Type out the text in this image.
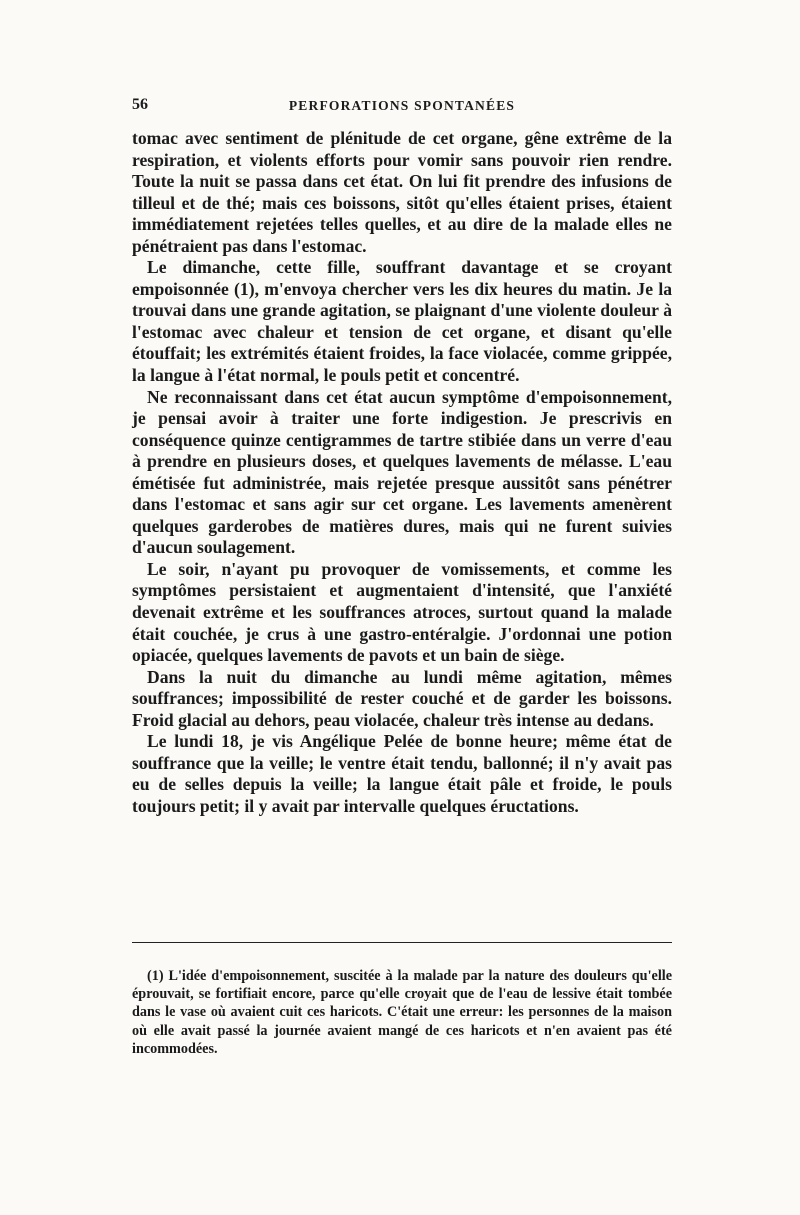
56	PERFORATIONS SPONTANÉES

tomac avec sentiment de plénitude de cet organe, gêne extrême de la respiration, et violents efforts pour vomir sans pouvoir rien rendre. Toute la nuit se passa dans cet état. On lui fit prendre des infusions de tilleul et de thé; mais ces boissons, sitôt qu'elles étaient prises, étaient immédiatement rejetées telles quelles, et au dire de la malade elles ne pénétraient pas dans l'estomac.

Le dimanche, cette fille, souffrant davantage et se croyant empoisonnée (1), m'envoya chercher vers les dix heures du matin. Je la trouvai dans une grande agitation, se plaignant d'une violente douleur à l'estomac avec chaleur et tension de cet organe, et disant qu'elle étouffait; les extrémités étaient froides, la face violacée, comme grippée, la langue à l'état normal, le pouls petit et concentré.

Ne reconnaissant dans cet état aucun symptôme d'empoisonnement, je pensai avoir à traiter une forte indigestion. Je prescrivis en conséquence quinze centigrammes de tartre stibiée dans un verre d'eau à prendre en plusieurs doses, et quelques lavements de mélasse. L'eau émétisée fut administrée, mais rejetée presque aussitôt sans pénétrer dans l'estomac et sans agir sur cet organe. Les lavements amenèrent quelques garderobes de matières dures, mais qui ne furent suivies d'aucun soulagement.

Le soir, n'ayant pu provoquer de vomissements, et comme les symptômes persistaient et augmentaient d'intensité, que l'anxiété devenait extrême et les souffrances atroces, surtout quand la malade était couchée, je crus à une gastro-entéralgie. J'ordonnai une potion opiacée, quelques lavements de pavots et un bain de siège.

Dans la nuit du dimanche au lundi même agitation, mêmes souffrances; impossibilité de rester couché et de garder les boissons. Froid glacial au dehors, peau violacée, chaleur très intense au dedans.

Le lundi 18, je vis Angélique Pelée de bonne heure; même état de souffrance que la veille; le ventre était tendu, ballonné; il n'y avait pas eu de selles depuis la veille; la langue était pâle et froide, le pouls toujours petit; il y avait par intervalle quelques éructations.

(1) L'idée d'empoisonnement, suscitée à la malade par la nature des douleurs qu'elle éprouvait, se fortifiait encore, parce qu'elle croyait que de l'eau de lessive était tombée dans le vase où avaient cuit ces haricots. C'était une erreur: les personnes de la maison où elle avait passé la journée avaient mangé de ces haricots et n'en avaient pas été incommodées.
